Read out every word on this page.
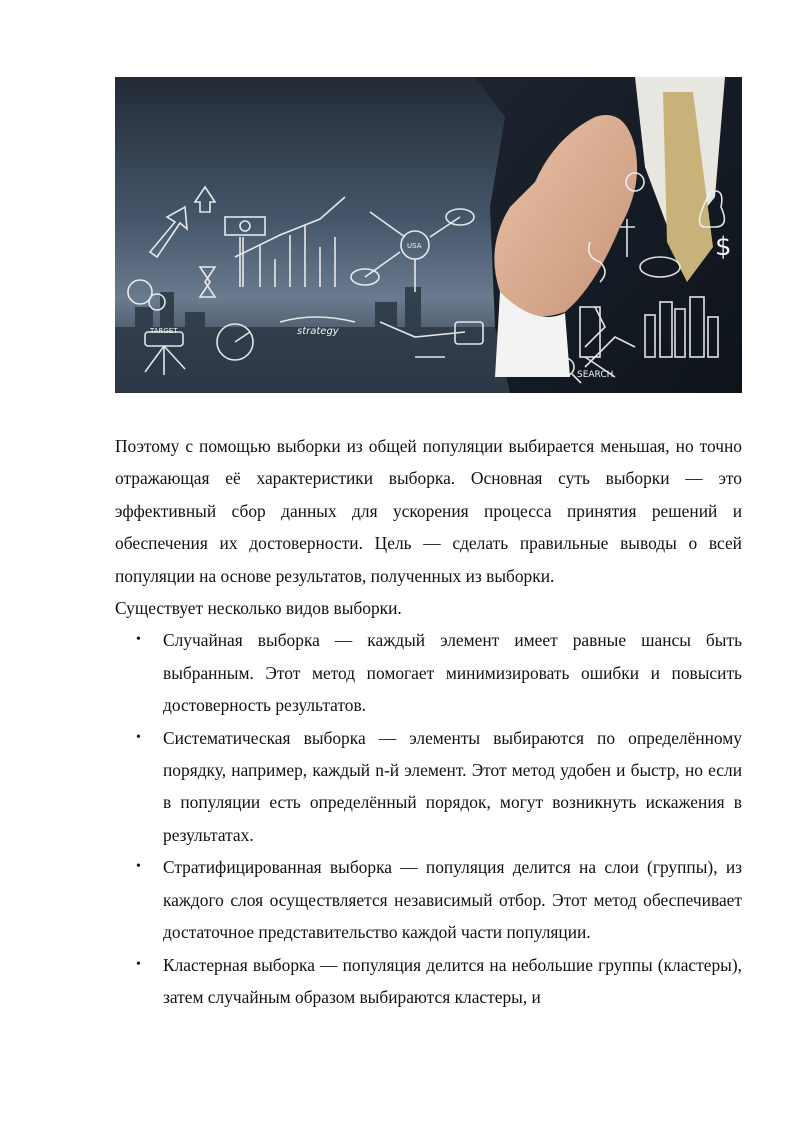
TARGET	strategy
USA
SEARCH
$

Поэтому с помощью выборки из общей популяции выбирается меньшая, но точно отражающая её характеристики выборка. Основная суть выборки — это эффективный сбор данных для ускорения процесса принятия решений и обеспечения их достоверности. Цель — сделать правильные выводы о всей популяции на основе результатов, полученных из выборки.

Существует несколько видов выборки.

• Случайная выборка — каждый элемент имеет равные шансы быть выбранным. Этот метод помогает минимизировать ошибки и повысить достоверность результатов.
• Систематическая выборка — элементы выбираются по определённому порядку, например, каждый n-й элемент. Этот метод удобен и быстр, но если в популяции есть определённый порядок, могут возникнуть искажения в результатах.
• Стратифицированная выборка — популяция делится на слои (группы), из каждого слоя осуществляется независимый отбор. Этот метод обеспечивает достаточное представительство каждой части популяции.
• Кластерная выборка — популяция делится на небольшие группы (кластеры), затем случайным образом выбираются кластеры, и
